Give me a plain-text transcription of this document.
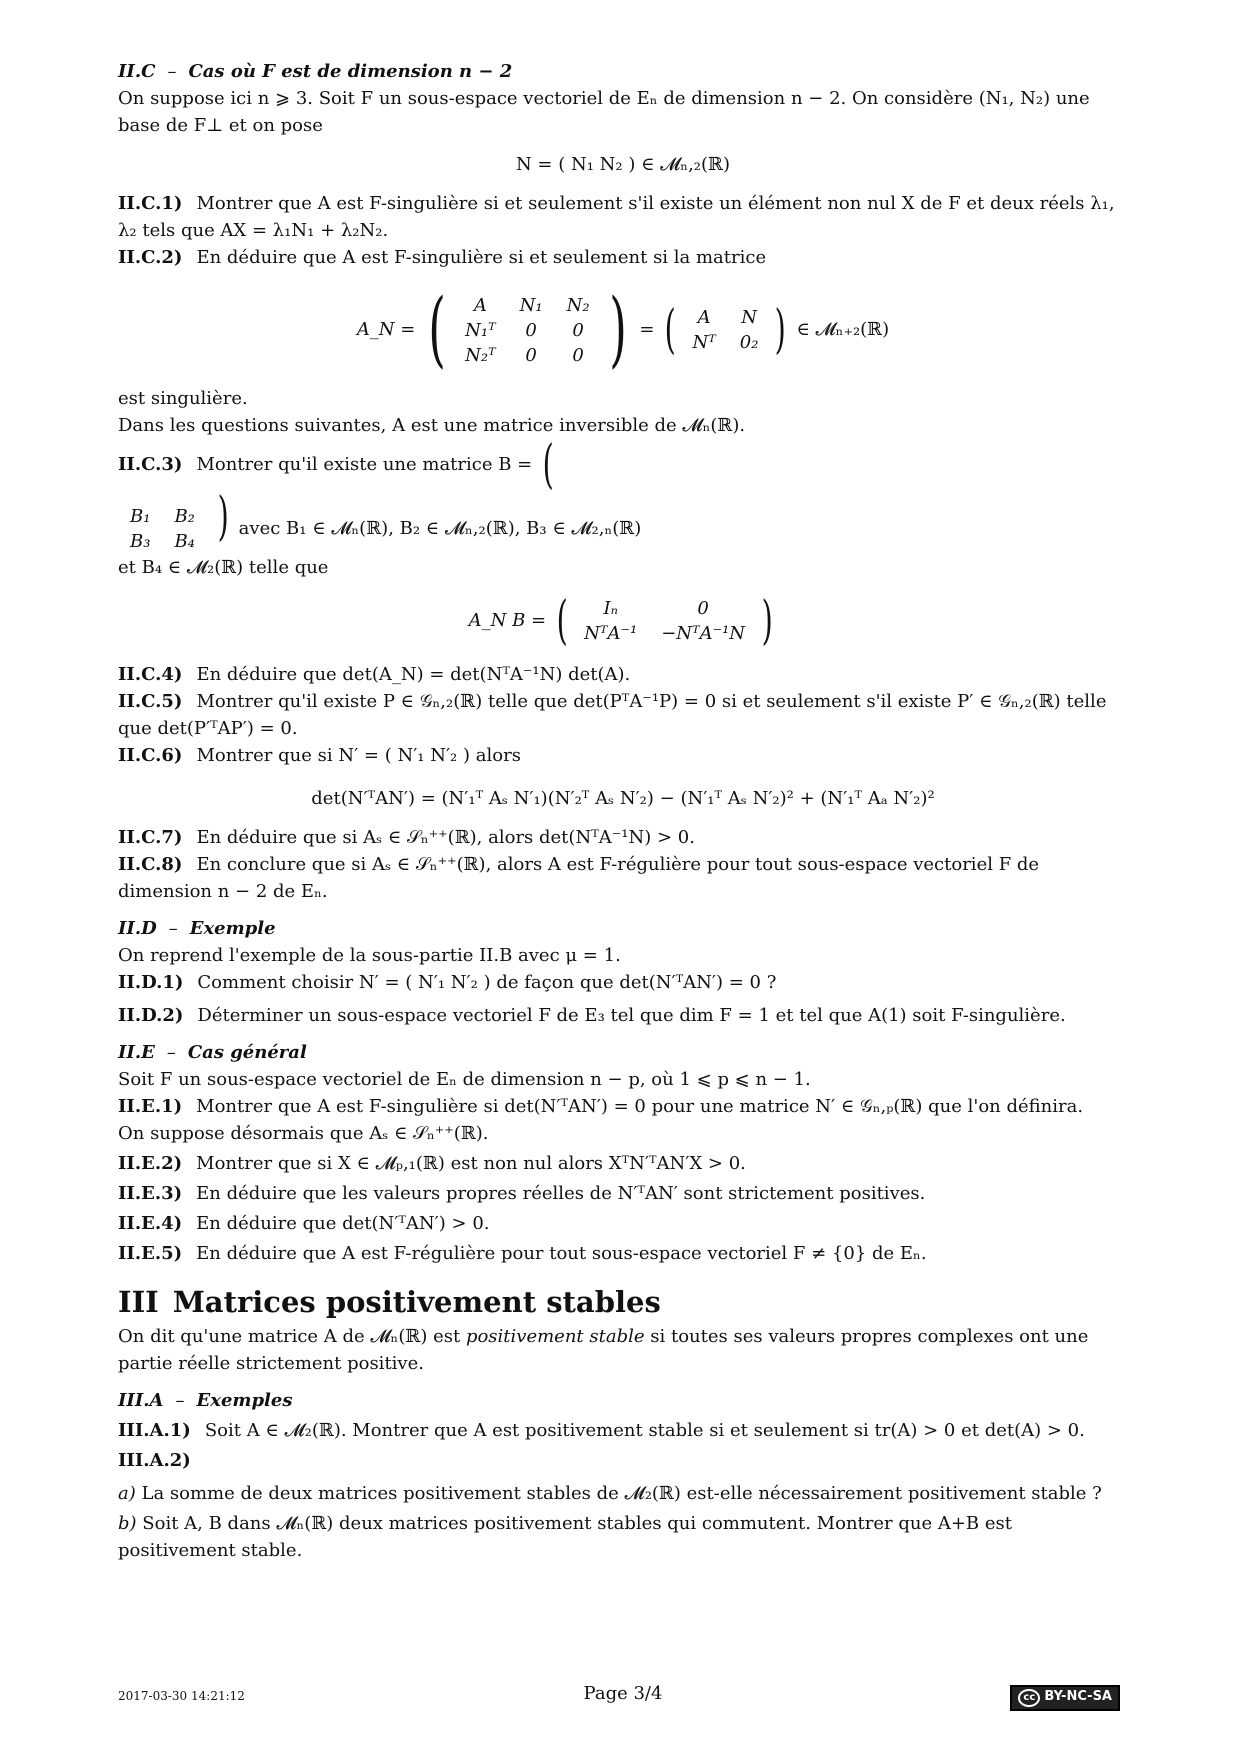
II.C – Cas où F est de dimension n − 2

On suppose ici n ⩾ 3. Soit F un sous-espace vectoriel de Eₙ de dimension n − 2. On considère (N₁, N₂) une base de F⊥ et on pose

N = ( N₁ N₂ ) ∈ 𝓜ₙ,₂(ℝ)

II.C.1) Montrer que A est F-singulière si et seulement s'il existe un élément non nul X de F et deux réels λ₁, λ₂ tels que AX = λ₁N₁ + λ₂N₂.

II.C.2) En déduire que A est F-singulière si et seulement si la matrice

A_N = ( A	N₁	N₂
N₁ᵀ	0	0
N₂ᵀ	0	0 ) = ( A	N
Nᵀ	0₂ ) ∈ 𝓜ₙ₊₂(ℝ)

est singulière.

Dans les questions suivantes, A est une matrice inversible de 𝓜ₙ(ℝ).

II.C.3) Montrer qu'il existe une matrice B = (

B₁	B₂
B₃	B₄ ) avec B₁ ∈ 𝓜ₙ(ℝ), B₂ ∈ 𝓜ₙ,₂(ℝ), B₃ ∈ 𝓜₂,ₙ(ℝ)

et B₄ ∈ 𝓜₂(ℝ) telle que

A_N B = ( Iₙ	0
NᵀA⁻¹	−NᵀA⁻¹N )

II.C.4) En déduire que det(A_N) = det(NᵀA⁻¹N) det(A).

II.C.5) Montrer qu'il existe P ∈ 𝒢ₙ,₂(ℝ) telle que det(PᵀA⁻¹P) = 0 si et seulement s'il existe P′ ∈ 𝒢ₙ,₂(ℝ) telle que det(P′ᵀAP′) = 0.

II.C.6) Montrer que si N′ = ( N′₁ N′₂ ) alors

det(N′ᵀAN′) = (N′₁ᵀ Aₛ N′₁)(N′₂ᵀ Aₛ N′₂) − (N′₁ᵀ Aₛ N′₂)² + (N′₁ᵀ Aₐ N′₂)²

II.C.7) En déduire que si Aₛ ∈ 𝒮ₙ⁺⁺(ℝ), alors det(NᵀA⁻¹N) > 0.

II.C.8) En conclure que si Aₛ ∈ 𝒮ₙ⁺⁺(ℝ), alors A est F-régulière pour tout sous-espace vectoriel F de dimension n − 2 de Eₙ.

II.D – Exemple

On reprend l'exemple de la sous-partie II.B avec μ = 1.

II.D.1) Comment choisir N′ = ( N′₁ N′₂ ) de façon que det(N′ᵀAN′) = 0 ?

II.D.2) Déterminer un sous-espace vectoriel F de E₃ tel que dim F = 1 et tel que A(1) soit F-singulière.

II.E – Cas général

Soit F un sous-espace vectoriel de Eₙ de dimension n − p, où 1 ⩽ p ⩽ n − 1.

II.E.1) Montrer que A est F-singulière si det(N′ᵀAN′) = 0 pour une matrice N′ ∈ 𝒢ₙ,ₚ(ℝ) que l'on définira.

On suppose désormais que Aₛ ∈ 𝒮ₙ⁺⁺(ℝ).

II.E.2) Montrer que si X ∈ 𝓜ₚ,₁(ℝ) est non nul alors XᵀN′ᵀAN′X > 0.

II.E.3) En déduire que les valeurs propres réelles de N′ᵀAN′ sont strictement positives.

II.E.4) En déduire que det(N′ᵀAN′) > 0.

II.E.5) En déduire que A est F-régulière pour tout sous-espace vectoriel F ≠ {0} de Eₙ.

III Matrices positivement stables

On dit qu'une matrice A de 𝓜ₙ(ℝ) est positivement stable si toutes ses valeurs propres complexes ont une partie réelle strictement positive.

III.A – Exemples

III.A.1) Soit A ∈ 𝓜₂(ℝ). Montrer que A est positivement stable si et seulement si tr(A) > 0 et det(A) > 0.

III.A.2)

a) La somme de deux matrices positivement stables de 𝓜₂(ℝ) est-elle nécessairement positivement stable ?

b) Soit A, B dans 𝓜ₙ(ℝ) deux matrices positivement stables qui commutent. Montrer que A+B est positivement stable.

2017-03-30 14:21:12	Page 3/4	cc BY-NC-SA
